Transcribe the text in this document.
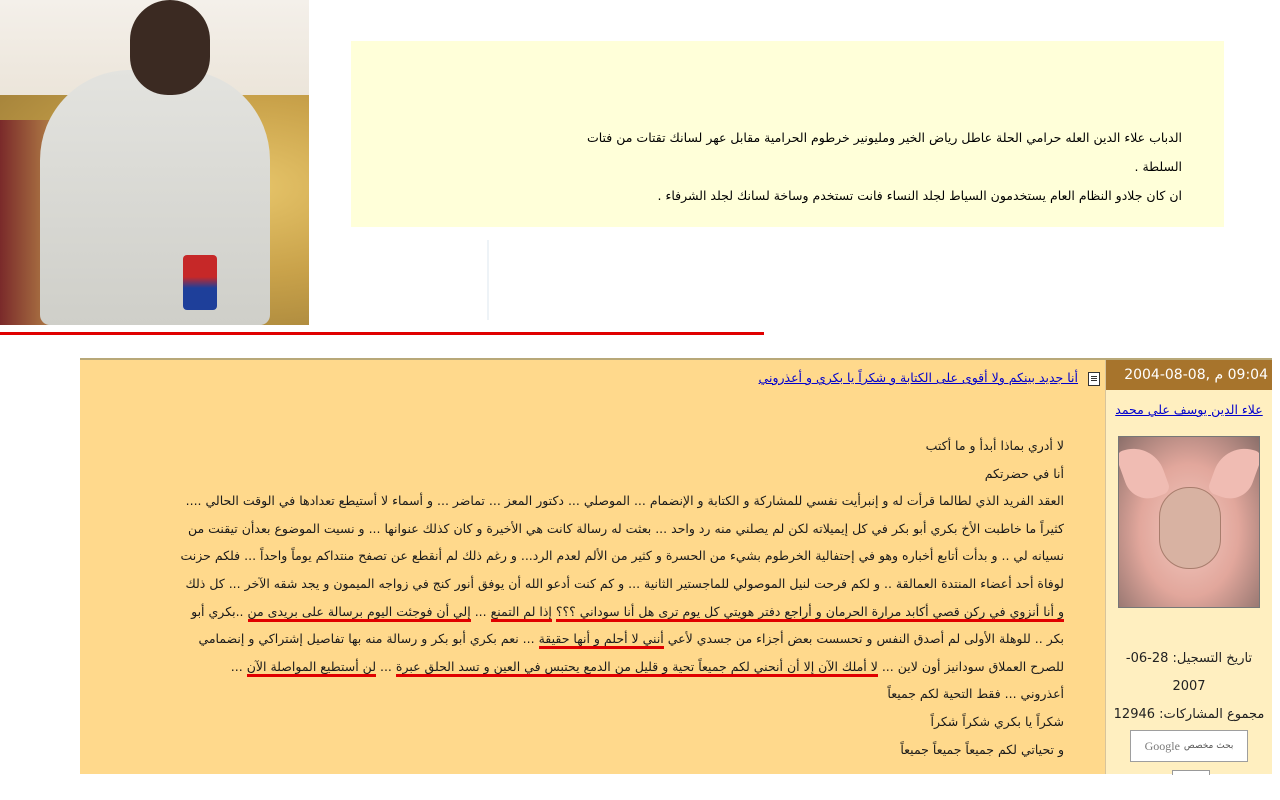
الدباب علاء الدين العله حرامي الحلة عاطل رياض الخير ومليونير خرطوم الحرامية مقابل عهر لسانك تقتات من فتات

السلطة .

ان كان جلادو النظام العام يستخدمون السياط لجلد النساء فانت تستخدم وساخة لسانك لجلد الشرفاء .

09:04 م ,08-08-2004
علاء الدين يوسف علي محمد
تاريخ التسجيل: 28-06-
2007
مجموع المشاركات: 12946
بحث مخصص
Google
أنا جديد بينكم ولا أقوى على الكتابة و شكراً يا بكري و أعذروني
لا أدري بماذا أبدأ و ما أكتب
أنا في حضرتكم
العقد الفريد الذي لطالما قرأت له و إنبرأيت نفسي للمشاركة و الكتابة و الإنضمام ... الموصلي ... دكتور المعز ... تماضر ... و أسماء لا أستيطع تعدادها في الوقت الحالي ....
كثيراً ما خاطبت الأخ بكري أبو بكر في كل إيميلاته لكن لم يصلني منه رد واحد ... بعثت له رسالة كانت هي الأخيرة و كان كذلك عنوانها ... و نسيت الموضوع بعدأن تيقنت من
نسيانه لي .. و بدأت أتابع أخباره وهو في إحتفالية الخرطوم بشيء من الحسرة و كثير من الألم لعدم الرد... و رغم ذلك لم أنقطع عن تصفح منتداكم يوماً واحداً ... فلكم حزنت
لوفاة أحد أعضاء المنتدة العمالقة .. و لكم فرحت لنيل الموصولي للماجستير الثانية ... و كم كنت أدعو الله أن يوفق أنور كنج في زواجه الميمون و يجد شقه الآخر ... كل ذلك
و أنا أنزوي في ركن قصي أكابد مرارة الحرمان و أراجع دفتر هويتي كل يوم ترى هل أنا سوداني ؟؟؟ إذا لم التمنع ... إلي أن فوجئت اليوم برسالة على بريدى من ..بكري أبو
بكر .. للوهلة الأولى لم أصدق النفس و تحسست بعض أجزاء من جسدي لأعي أنني لا أحلم و أنها حقيقة ... نعم بكري أبو بكر و رسالة منه بها تفاصيل إشتراكي و إنضمامي
للصرح العملاق سودانيز أون لاين ... لا أملك الآن إلا أن أنحني لكم جميعاً تحية و قليل من الدمع يحتبس في العين و تسد الحلق عبرة ... لن أستطيع المواصلة الآن ...
أعذروني ... فقط التحية لكم جميعاً
شكراً يا بكري شكراً شكراً
و تحياتي لكم جميعاً جميعاً جميعاً
